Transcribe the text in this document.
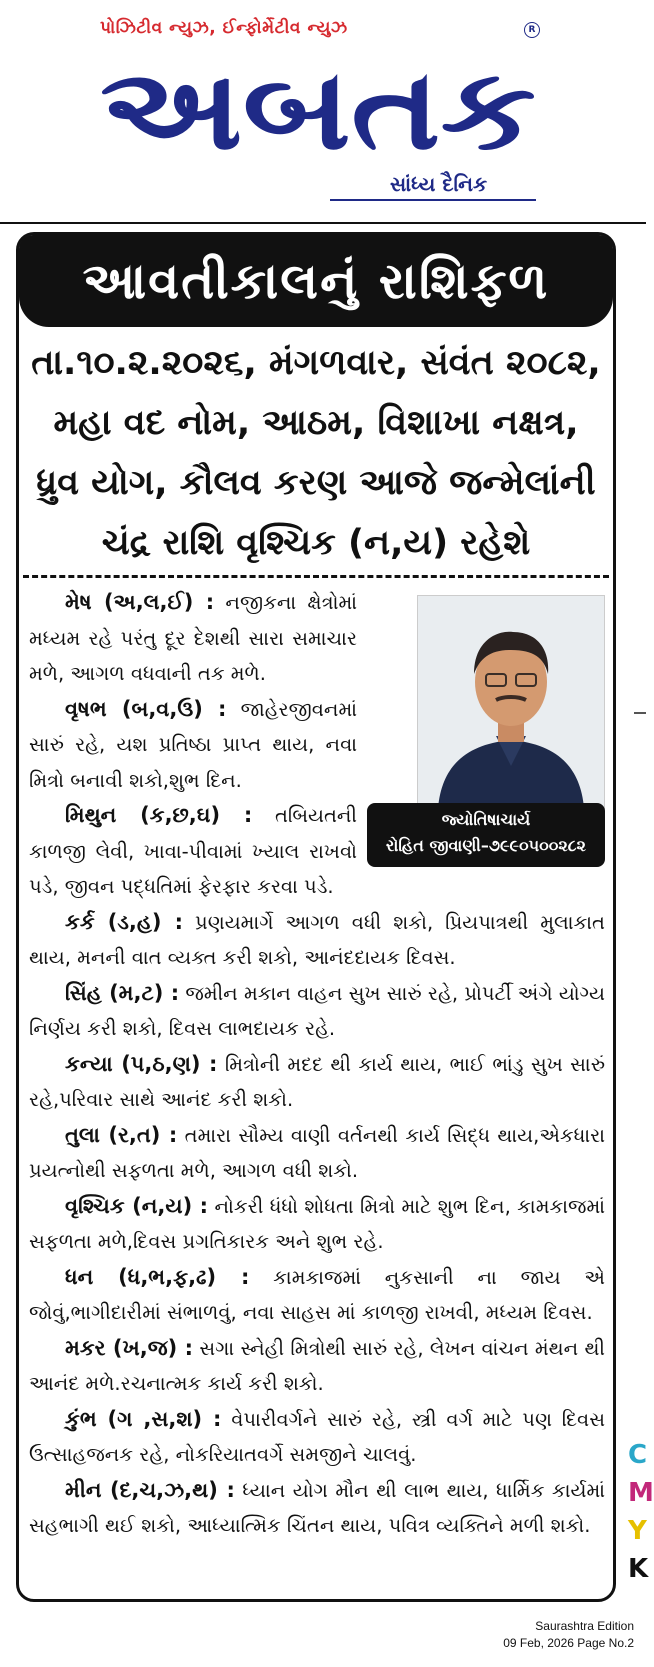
પોઝિટીવ ન્યુઝ, ઈન્ફોર્મેટીવ ન્યુઝ	R
અબતક
સાંધ્ય દૈનિક
આવતીકાલનું રાશિફળ
તા.૧૦.૨.૨૦૨૬, મંગળવાર, સંવંત ૨૦૮૨, મહા વદ નોમ, આઠમ, વિશાખા નક્ષત્ર, ધ્રુવ યોગ, કૌલવ કરણ આજે જન્મેલાંની ચંદ્ર રાશિ વૃશ્ચિક (ન,ય) રહેશે
જ્યોતિષાચાર્ય
રોહિત જીવાણી–૭૯૯૦૫૦૦૨૮૨

મેષ (અ,લ,ઈ) : નજીકના ક્ષેત્રોમાં મધ્યમ રહે પરંતુ દૂર દેશથી સારા સમાચાર મળે, આગળ વધવાની તક મળે.

વૃષભ (બ,વ,ઉ) : જાહેરજીવનમાં સારું રહે, યશ પ્રતિષ્ઠા પ્રાપ્ત થાય, નવા મિત્રો બનાવી શકો,શુભ દિન.

મિથુન (ક,છ,ઘ) : તબિયતની કાળજી લેવી, ખાવા-પીવામાં ખ્યાલ રાખવો પડે, જીવન પદ્ધતિમાં ફેરફાર કરવા પડે.

કર્ક (ડ,હ) : પ્રણયમાર્ગે આગળ વધી શકો, પ્રિયપાત્રથી મુલાકાત થાય, મનની વાત વ્યક્ત કરી શકો, આનંદદાયક દિવસ.

સિંહ (મ,ટ) : જમીન મકાન વાહન સુખ સારું રહે, પ્રોપર્ટી અંગે યોગ્ય નિર્ણય કરી શકો, દિવસ લાભદાયક રહે.

કન્યા (પ,ઠ,ણ) : મિત્રોની મદદ થી કાર્ય થાય, ભાઈ ભાંડુ સુખ સારું રહે,પરિવાર સાથે આનંદ કરી શકો.

તુલા (ર,ત) : તમારા સૌમ્ય વાણી વર્તનથી કાર્ય સિદ્ધ થાય,એકધારા પ્રયત્નોથી સફળતા મળે, આગળ વધી શકો.

વૃશ્ચિક (ન,ય) : નોકરી ધંધો શોધતા મિત્રો માટે શુભ દિન, કામકાજમાં સફળતા મળે,દિવસ પ્રગતિકારક અને શુભ રહે.

ધન (ધ,ભ,ફ,ઢ) : કામકાજમાં નુકસાની ના જાય એ જોવું,ભાગીદારીમાં સંભાળવું, નવા સાહસ માં કાળજી રાખવી, મધ્યમ દિવસ.

મકર (ખ,જ) : સગા સ્નેહી મિત્રોથી સારું રહે, લેખન વાંચન મંથન થી આનંદ મળે.રચનાત્મક કાર્ય કરી શકો.

કુંભ (ગ ,સ,શ) : વેપારીવર્ગને સારું રહે, સ્ત્રી વર્ગ માટે પણ દિવસ ઉત્સાહજનક રહે, નોકરિયાતવર્ગે સમજીને ચાલવું.

મીન (દ,ચ,ઝ,થ) : ધ્યાન યોગ મૌન થી લાભ થાય, ધાર્મિક કાર્યમાં સહભાગી થઈ શકો, આધ્યાત્મિક ચિંતન થાય, પવિત્ર વ્યક્તિને મળી શકો.

C
M
Y
K
Saurashtra Edition
09 Feb, 2026 Page No.2
